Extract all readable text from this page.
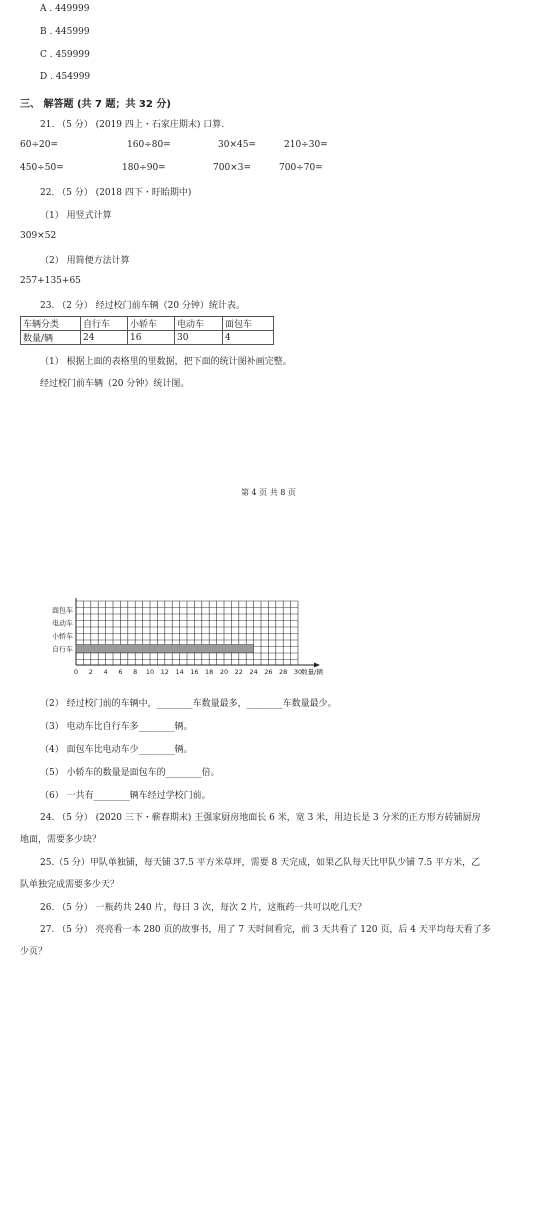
A . 449999
B . 445999
C . 459999
D . 454999
三、 解答题 (共 7 题；共 32 分)
21. （5 分） (2019 四上・石家庄期末) 口算.
60÷20=	160÷80=	30×45=	210÷30=
450÷50=	180÷90=	700×3=	700÷70=
22. （5 分） (2018 四下・盱眙期中)
（1） 用竖式计算
309×52
（2） 用简便方法计算
257+135+65
23. （2 分） 经过校门前车辆（20 分钟）统计表。
车辆分类	自行车	小轿车	电动车	面包车
数量/辆	24	16	30	4
（1） 根据上面的表格里的里数据，把下面的统计图补画完整。
经过校门前车辆（20 分钟）统计图。
第 4 页 共 8 页
面包车
电动车
小轿车
自行车
0 2 4 6 8 10 12 14 16 18 20 22 24 26 28 30 数量/辆
（2） 经过校门前的车辆中，________车数量最多，________车数量最少。
（3） 电动车比自行车多________辆。
（4） 面包车比电动车少________辆。
（5） 小轿车的数量是面包车的________倍。
（6） 一共有________辆车经过学校门前。
24. （5 分） (2020 三下・蕲春期末) 王强家厨房地面长 6 米，宽 3 米，用边长是 3 分米的正方形方砖铺厨房
地面，需要多少块？
25.（5 分）甲队单独铺，每天铺 37.5 平方米草坪，需要 8 天完成，如果乙队每天比甲队少铺 7.5 平方米，乙
队单独完成需要多少天？
26. （5 分） 一瓶药共 240 片，每日 3 次，每次 2 片，这瓶药一共可以吃几天？
27. （5 分） 亮亮看一本 280 页的故事书，用了 7 天时间看完，前 3 天共看了 120 页，后 4 天平均每天看了多
少页？
